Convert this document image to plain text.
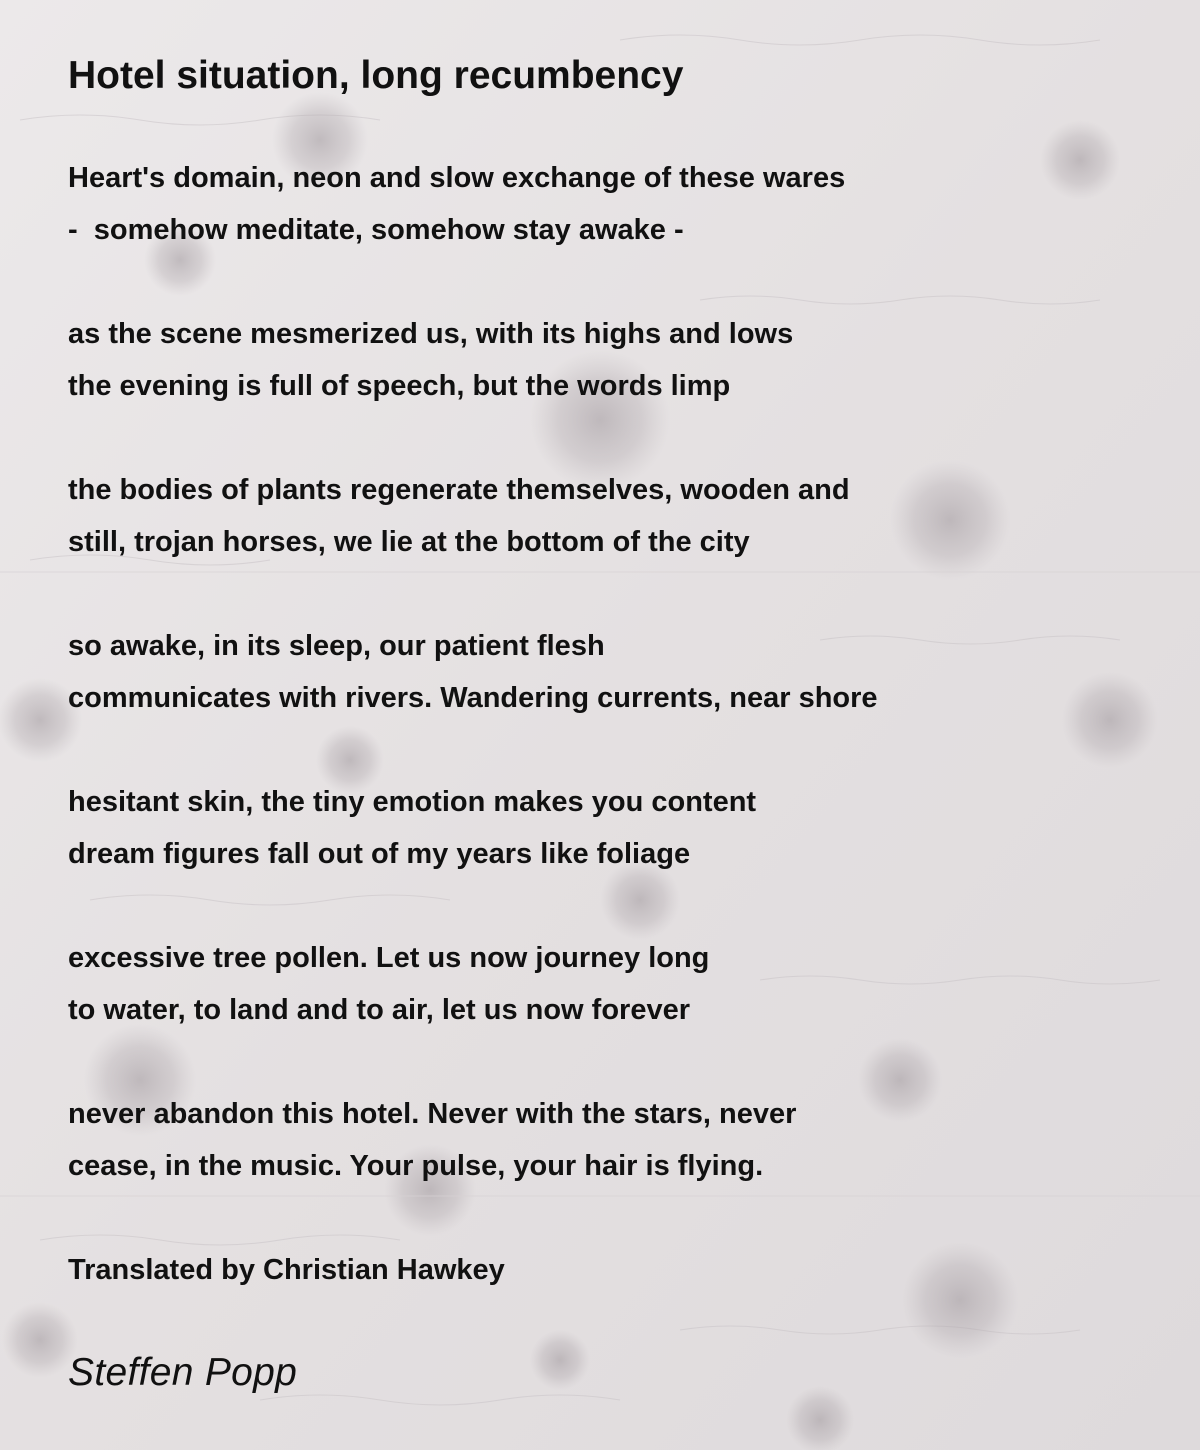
Hotel situation, long recumbency
Heart's domain, neon and slow exchange of these wares
-  somehow meditate, somehow stay awake -
as the scene mesmerized us, with its highs and lows
the evening is full of speech, but the words limp
the bodies of plants regenerate themselves, wooden and
still, trojan horses, we lie at the bottom of the city
so awake, in its sleep, our patient flesh
communicates with rivers. Wandering currents, near shore
hesitant skin, the tiny emotion makes you content
dream figures fall out of my years like foliage
excessive tree pollen. Let us now journey long
to water, to land and to air, let us now forever
never abandon this hotel. Never with the stars, never
cease, in the music. Your pulse, your hair is flying.
Translated by Christian Hawkey
Steffen Popp
